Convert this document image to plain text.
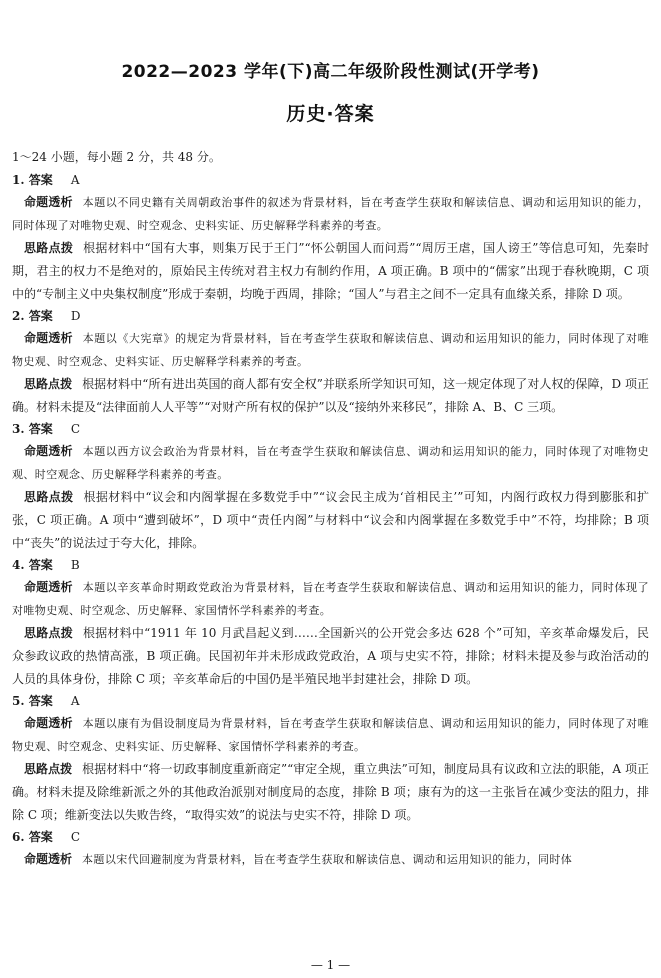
2022—2023 学年(下)高二年级阶段性测试(开学考)
历史·答案
1～24 小题，每小题 2 分，共 48 分。
1. 答案 A

命题透析 本题以不同史籍有关周朝政治事件的叙述为背景材料，旨在考查学生获取和解读信息、调动和运用知识的能力，同时体现了对唯物史观、时空观念、史料实证、历史解释学科素养的考查。

思路点拨 根据材料中“国有大事，则集万民于王门”“怀公朝国人而问焉”“周厉王虐，国人谤王”等信息可知，先秦时期，君主的权力不是绝对的，原始民主传统对君主权力有制约作用，A 项正确。B 项中的“儒家”出现于春秋晚期，C 项中的“专制主义中央集权制度”形成于秦朝，均晚于西周，排除；“国人”与君主之间不一定具有血缘关系，排除 D 项。

2. 答案 D

命题透析 本题以《大宪章》的规定为背景材料，旨在考查学生获取和解读信息、调动和运用知识的能力，同时体现了对唯物史观、时空观念、史料实证、历史解释学科素养的考查。

思路点拨 根据材料中“所有进出英国的商人都有安全权”并联系所学知识可知，这一规定体现了对人权的保障，D 项正确。材料未提及“法律面前人人平等”“对财产所有权的保护”以及“接纳外来移民”，排除 A、B、C 三项。

3. 答案 C

命题透析 本题以西方议会政治为背景材料，旨在考查学生获取和解读信息、调动和运用知识的能力，同时体现了对唯物史观、时空观念、历史解释学科素养的考查。

思路点拨 根据材料中“议会和内阁掌握在多数党手中”“议会民主成为‘首相民主’”可知，内阁行政权力得到膨胀和扩张，C 项正确。A 项中“遭到破坏”，D 项中“责任内阁”与材料中“议会和内阁掌握在多数党手中”不符，均排除；B 项中“丧失”的说法过于夸大化，排除。

4. 答案 B

命题透析 本题以辛亥革命时期政党政治为背景材料，旨在考查学生获取和解读信息、调动和运用知识的能力，同时体现了对唯物史观、时空观念、历史解释、家国情怀学科素养的考查。

思路点拨 根据材料中“1911 年 10 月武昌起义到……全国新兴的公开党会多达 628 个”可知，辛亥革命爆发后，民众参政议政的热情高涨，B 项正确。民国初年并未形成政党政治，A 项与史实不符，排除；材料未提及参与政治活动的人员的具体身份，排除 C 项；辛亥革命后的中国仍是半殖民地半封建社会，排除 D 项。

5. 答案 A

命题透析 本题以康有为倡设制度局为背景材料，旨在考查学生获取和解读信息、调动和运用知识的能力，同时体现了对唯物史观、时空观念、史料实证、历史解释、家国情怀学科素养的考查。

思路点拨 根据材料中“将一切政事制度重新商定”“审定全规，重立典法”可知，制度局具有议政和立法的职能，A 项正确。材料未提及除维新派之外的其他政治派别对制度局的态度，排除 B 项；康有为的这一主张旨在减少变法的阻力，排除 C 项；维新变法以失败告终，“取得实效”的说法与史实不符，排除 D 项。

6. 答案 C

命题透析 本题以宋代回避制度为背景材料，旨在考查学生获取和解读信息、调动和运用知识的能力，同时体

— 1 —
